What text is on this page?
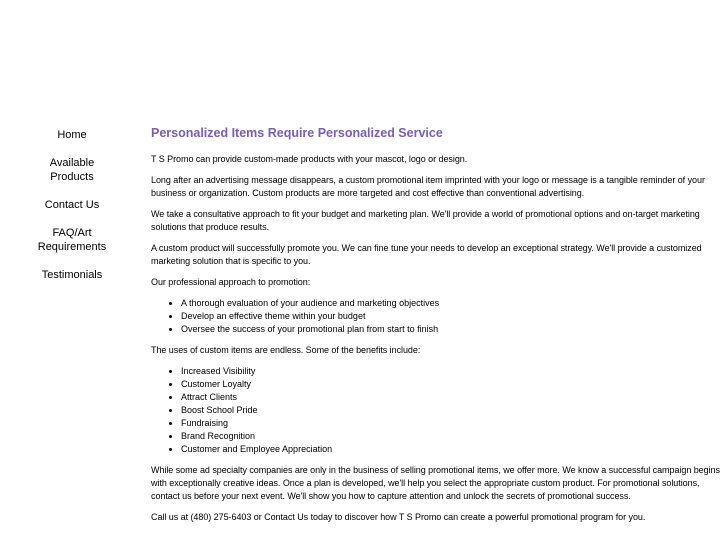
Home
Available
Products
Contact Us
FAQ/Art
Requirements
Testimonials
Personalized Items Require Personalized Service

T S Promo can provide custom-made products with your mascot, logo or design.

Long after an advertising message disappears, a custom promotional item imprinted with your logo or message is a tangible reminder of your business or organization. Custom products are more targeted and cost effective than conventional advertising.

We take a consultative approach to fit your budget and marketing plan. We'll provide a world of promotional options and on-target marketing solutions that produce results.

A custom product will successfully promote you. We can fine tune your needs to develop an exceptional strategy. We'll provide a customized marketing solution that is specific to you.

Our professional approach to promotion:

• A thorough evaluation of your audience and marketing objectives
• Develop an effective theme within your budget
• Oversee the success of your promotional plan from start to finish

The uses of custom items are endless. Some of the benefits include:

• Increased Visibility
• Customer Loyalty
• Attract Clients
• Boost School Pride
• Fundraising
• Brand Recognition
• Customer and Employee Appreciation

While some ad specialty companies are only in the business of selling promotional items, we offer more. We know a successful campaign begins with exceptionally creative ideas. Once a plan is developed, we'll help you select the appropriate custom product. For promotional solutions, contact us before your next event. We'll show you how to capture attention and unlock the secrets of promotional success.

Call us at (480) 275-6403 or Contact Us today to discover how T S Promo can create a powerful promotional program for you.
